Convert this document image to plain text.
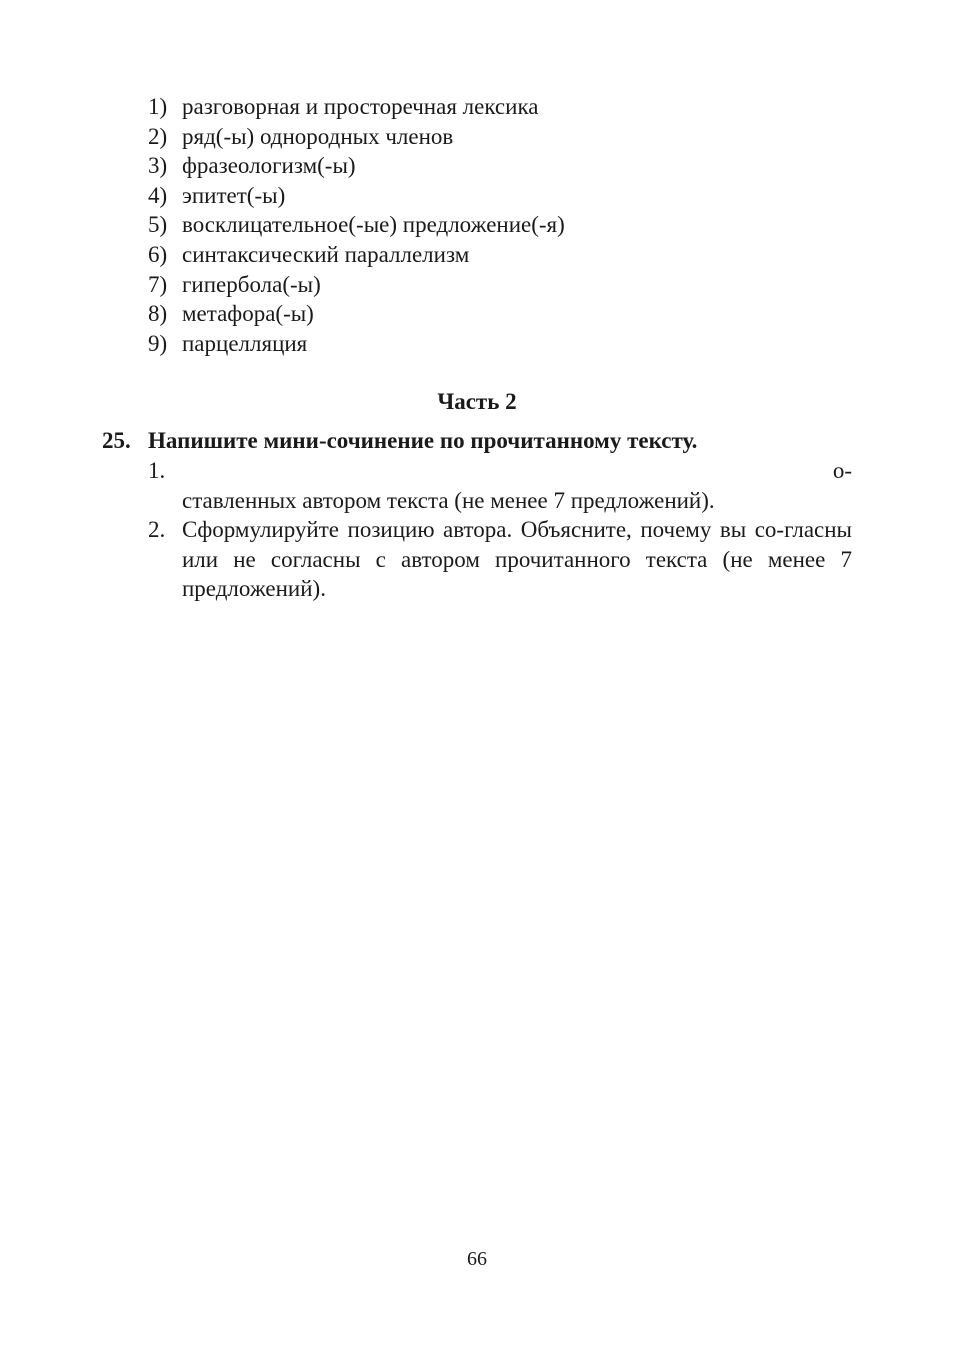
1) разговорная и просторечная лексика
2) ряд(-ы) однородных членов
3) фразеологизм(-ы)
4) эпитет(-ы)
5) восклицательное(-ые) предложение(-я)
6) синтаксический параллелизм
7) гипербола(-ы)
8) метафора(-ы)
9) парцелляция
Часть 2
25. Напишите мини-сочинение по прочитанному тексту.
1.
	о-
ставленных автором текста (не менее 7 предложений).
2. Сформулируйте позицию автора. Объясните, почему вы со-гласны или не согласны с автором прочитанного текста (не менее 7 предложений).
66
